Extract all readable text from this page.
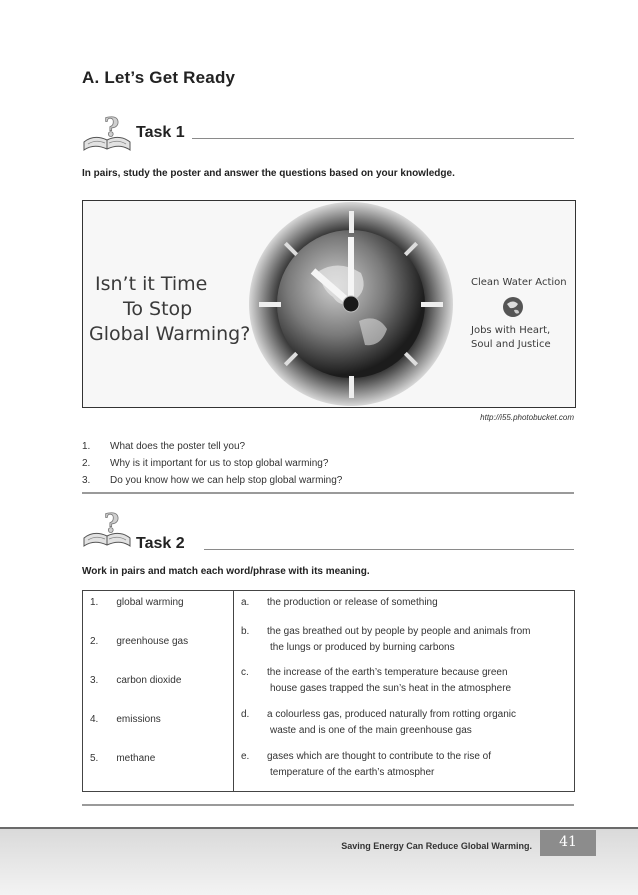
A. Let’s Get Ready
? Task 1
In pairs, study the poster and answer the questions based on your knowledge.
Isn’t it Time
To Stop
Global Warming?
Clean Water Action
Jobs with Heart,
Soul and Justice
http://i55.photobucket.com
1. What does the poster tell you?
2. Why is it important for us to stop global warming?
3. Do you know how we can help stop global warming?
?
Task 2
Work in pairs and match each word/phrase with its meaning.
1. global warming
2. greenhouse gas
3. carbon dioxide
4. emissions
5. methane
a. the production or release of something
b. the gas breathed out by people by people and animals from
the lungs or produced by burning carbons
c. the increase of the earth’s temperature because green
house gases trapped the sun’s heat in the atmosphere
d. a colourless gas, produced naturally from rotting organic
waste and is one of the main greenhouse gas
e. gases which are thought to contribute to the rise of
temperature of the earth’s atmospher
Saving Energy Can Reduce Global Warming.	41
